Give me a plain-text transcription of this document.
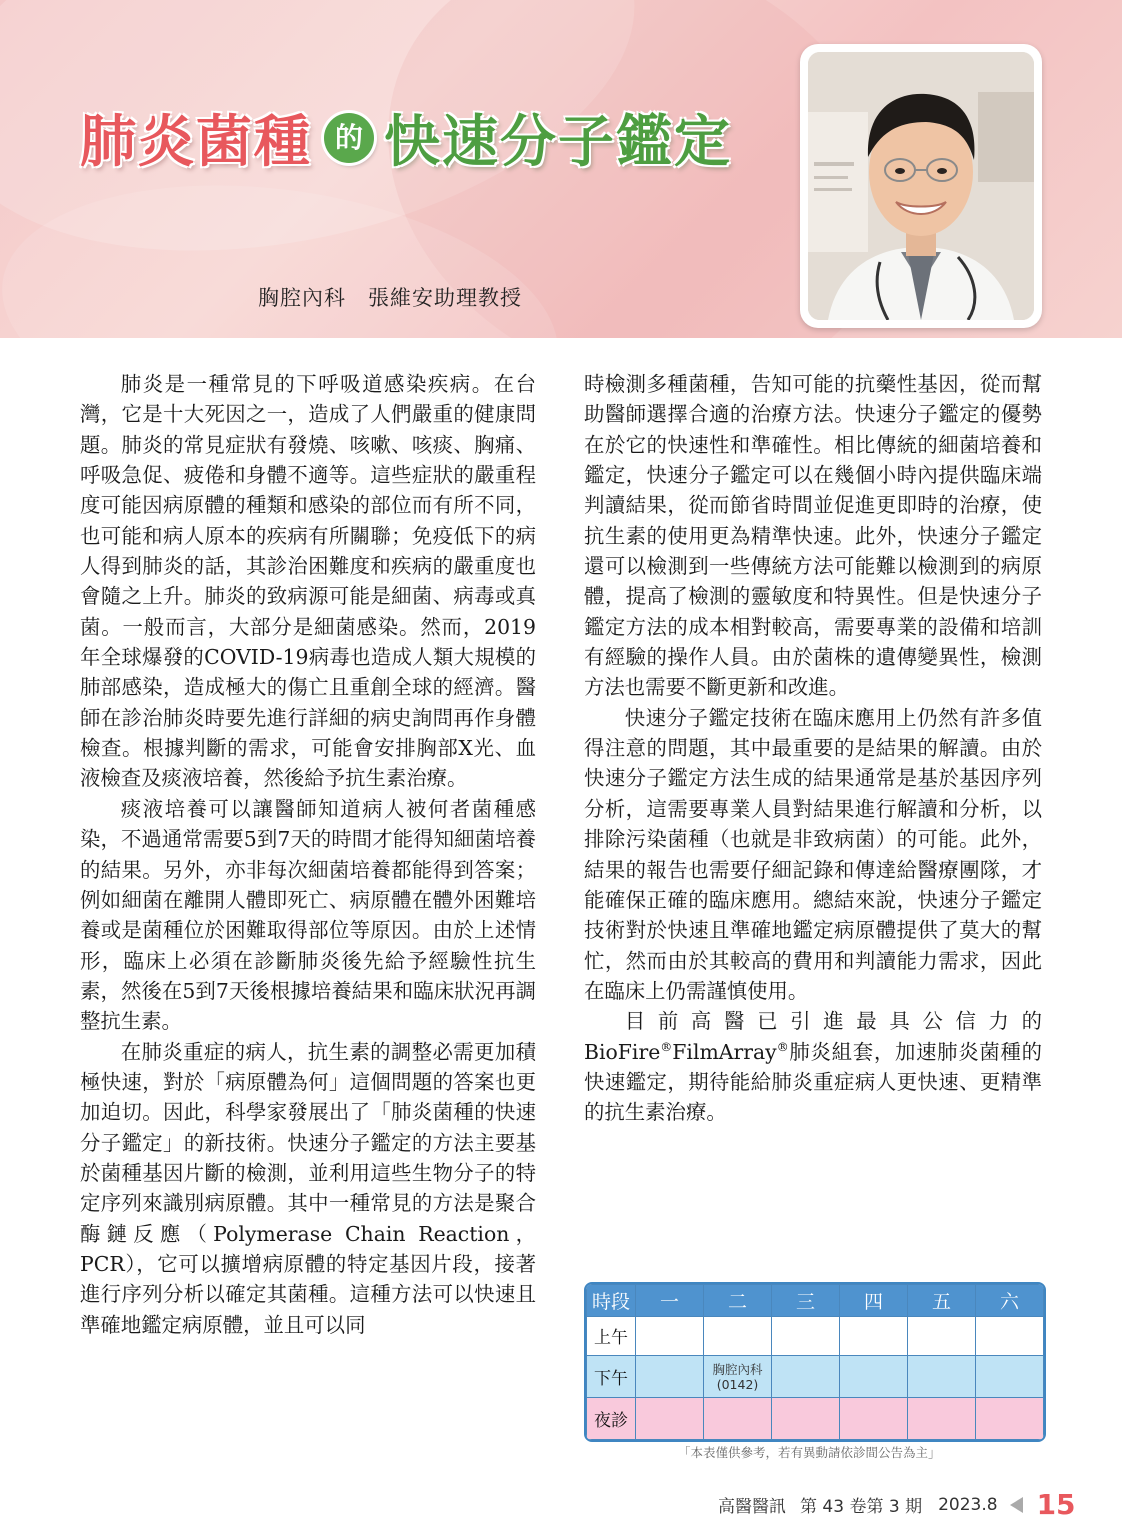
肺炎菌種 的 快速分子鑑定
胸腔內科　張維安助理教授

肺炎是一種常見的下呼吸道感染疾病。在台灣，它是十大死因之一，造成了人們嚴重的健康問題。肺炎的常見症狀有發燒、咳嗽、咳痰、胸痛、呼吸急促、疲倦和身體不適等。這些症狀的嚴重程度可能因病原體的種類和感染的部位而有所不同，也可能和病人原本的疾病有所關聯；免疫低下的病人得到肺炎的話，其診治困難度和疾病的嚴重度也會隨之上升。肺炎的致病源可能是細菌、病毒或真菌。一般而言，大部分是細菌感染。然而，2019年全球爆發的COVID-19病毒也造成人類大規模的肺部感染，造成極大的傷亡且重創全球的經濟。醫師在診治肺炎時要先進行詳細的病史詢問再作身體檢查。根據判斷的需求，可能會安排胸部X光、血液檢查及痰液培養，然後給予抗生素治療。

痰液培養可以讓醫師知道病人被何者菌種感染，不過通常需要5到7天的時間才能得知細菌培養的結果。另外，亦非每次細菌培養都能得到答案；例如細菌在離開人體即死亡、病原體在體外困難培養或是菌種位於困難取得部位等原因。由於上述情形，臨床上必須在診斷肺炎後先給予經驗性抗生素，然後在5到7天後根據培養結果和臨床狀況再調整抗生素。

在肺炎重症的病人，抗生素的調整必需更加積極快速，對於「病原體為何」這個問題的答案也更加迫切。因此，科學家發展出了「肺炎菌種的快速分子鑑定」的新技術。快速分子鑑定的方法主要基於菌種基因片斷的檢測，並利用這些生物分子的特定序列來識別病原體。其中一種常見的方法是聚合酶鏈反應（Polymerase Chain Reaction，PCR），它可以擴增病原體的特定基因片段，接著進行序列分析以確定其菌種。這種方法可以快速且準確地鑑定病原體，並且可以同

時檢測多種菌種，告知可能的抗藥性基因，從而幫助醫師選擇合適的治療方法。快速分子鑑定的優勢在於它的快速性和準確性。相比傳統的細菌培養和鑑定，快速分子鑑定可以在幾個小時內提供臨床端判讀結果，從而節省時間並促進更即時的治療，使抗生素的使用更為精準快速。此外，快速分子鑑定還可以檢測到一些傳統方法可能難以檢測到的病原體，提高了檢測的靈敏度和特異性。但是快速分子鑑定方法的成本相對較高，需要專業的設備和培訓有經驗的操作人員。由於菌株的遺傳變異性，檢測方法也需要不斷更新和改進。

快速分子鑑定技術在臨床應用上仍然有許多值得注意的問題，其中最重要的是結果的解讀。由於快速分子鑑定方法生成的結果通常是基於基因序列分析，這需要專業人員對結果進行解讀和分析，以排除污染菌種（也就是非致病菌）的可能。此外，結果的報告也需要仔細記錄和傳達給醫療團隊，才能確保正確的臨床應用。總結來說，快速分子鑑定技術對於快速且準確地鑑定病原體提供了莫大的幫忙，然而由於其較高的費用和判讀能力需求，因此在臨床上仍需謹慎使用。

目前高醫已引進最具公信力的BioFire®FilmArray®肺炎組套，加速肺炎菌種的快速鑑定，期待能給肺炎重症病人更快速、更精準的抗生素治療。

時段	一	二	三	四	五	六
上午						
下午		胸腔內科
(0142)				

夜診						
「本表僅供參考，若有異動請依診間公告為主」
高醫醫訊 第 43 卷第 3 期 2023.8 15
